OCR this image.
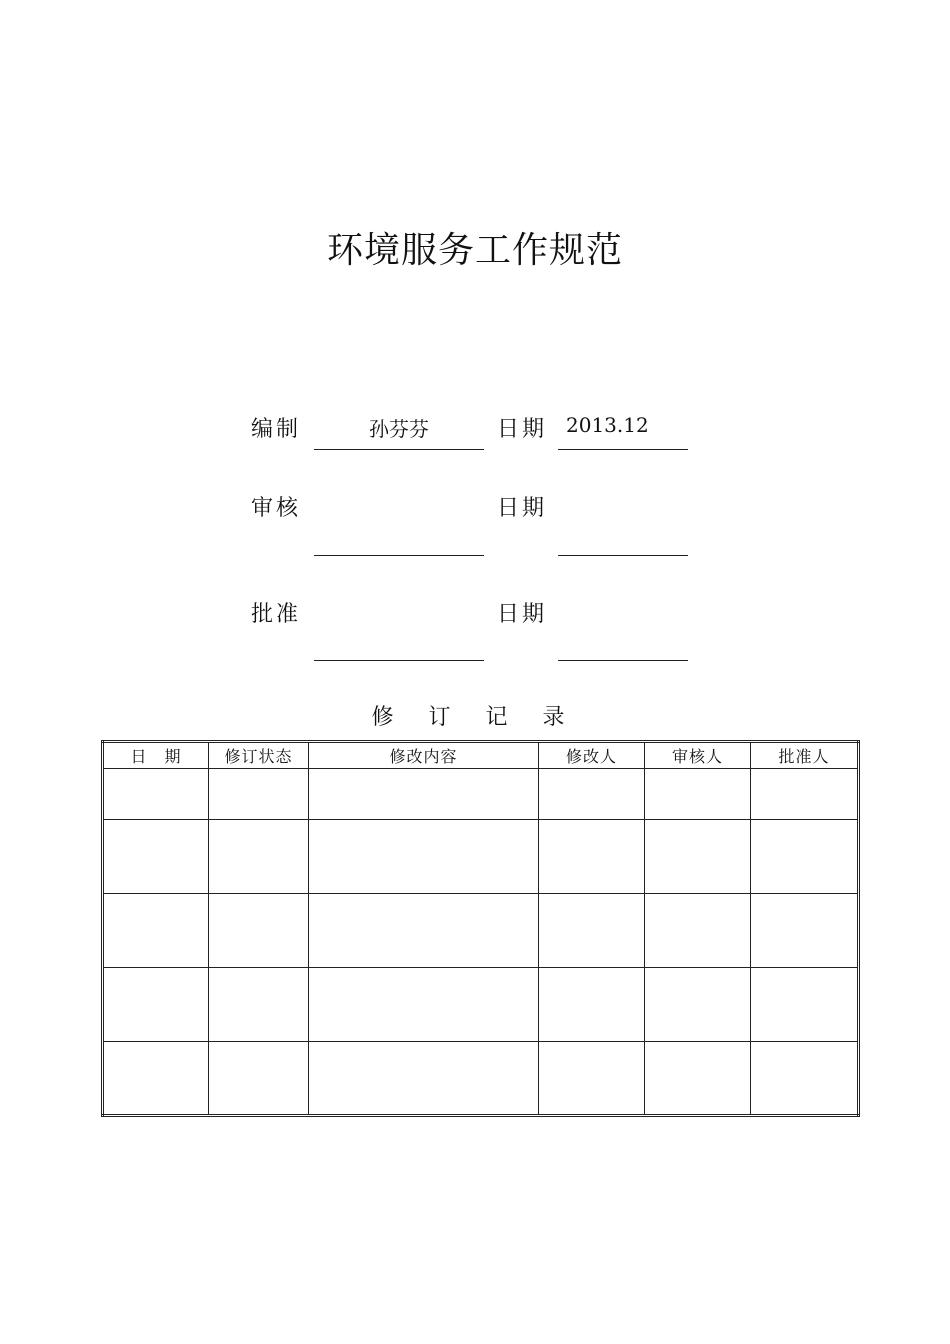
环境服务工作规范
编制	孙芬芬	日期 2013.12
审核	日期
批准	日期
修 订 记 录
日　期	修订状态	修改内容	修改人	审核人	批准人
